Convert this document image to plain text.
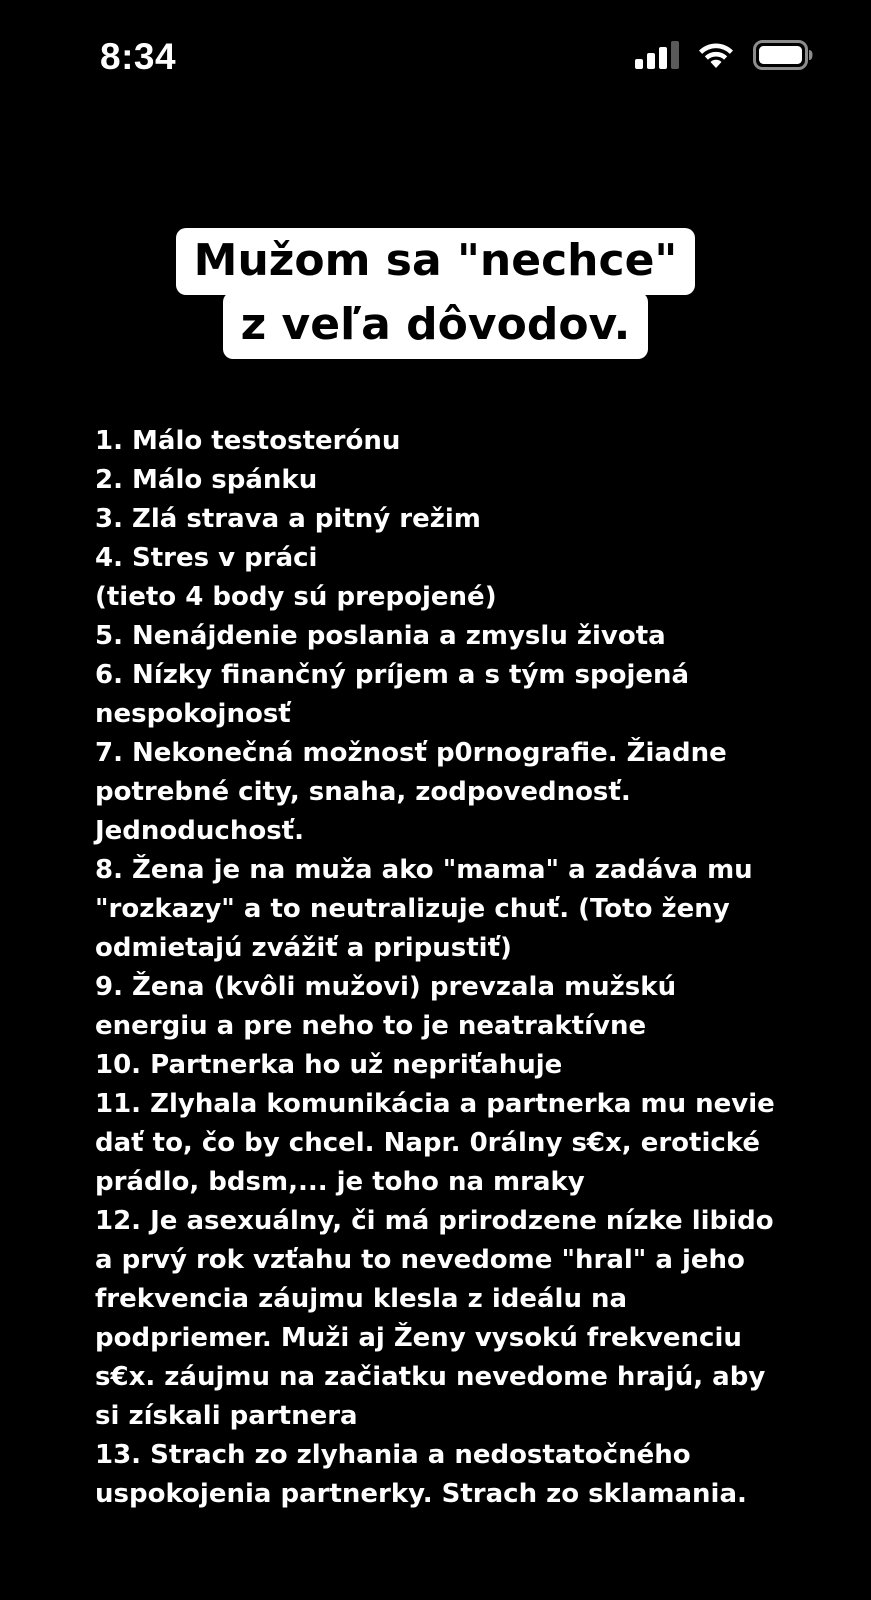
8:34
Mužom sa "nechce"
z veľa dôvodov.
1. Málo testosterónu
2. Málo spánku
3. Zlá strava a pitný režim
4. Stres v práci
(tieto 4 body sú prepojené)
5. Nenájdenie poslania a zmyslu života
6. Nízky finančný príjem a s tým spojená
nespokojnosť
7. Nekonečná možnosť p0rnografie. Žiadne
potrebné city, snaha, zodpovednosť.
Jednoduchosť.
8. Žena je na muža ako "mama" a zadáva mu
"rozkazy" a to neutralizuje chuť. (Toto ženy
odmietajú zvážiť a pripustiť)
9. Žena (kvôli mužovi) prevzala mužskú
energiu a pre neho to je neatraktívne
10. Partnerka ho už nepriťahuje
11. Zlyhala komunikácia a partnerka mu nevie
dať to, čo by chcel. Napr. 0rálny s€x, erotické
prádlo, bdsm,... je toho na mraky
12. Je asexuálny, či má prirodzene nízke libido
a prvý rok vzťahu to nevedome "hral" a jeho
frekvencia záujmu klesla z ideálu na
podpriemer. Muži aj Ženy vysokú frekvenciu
s€x. záujmu na začiatku nevedome hrajú, aby
si získali partnera
13. Strach zo zlyhania a nedostatočného
uspokojenia partnerky. Strach zo sklamania.
